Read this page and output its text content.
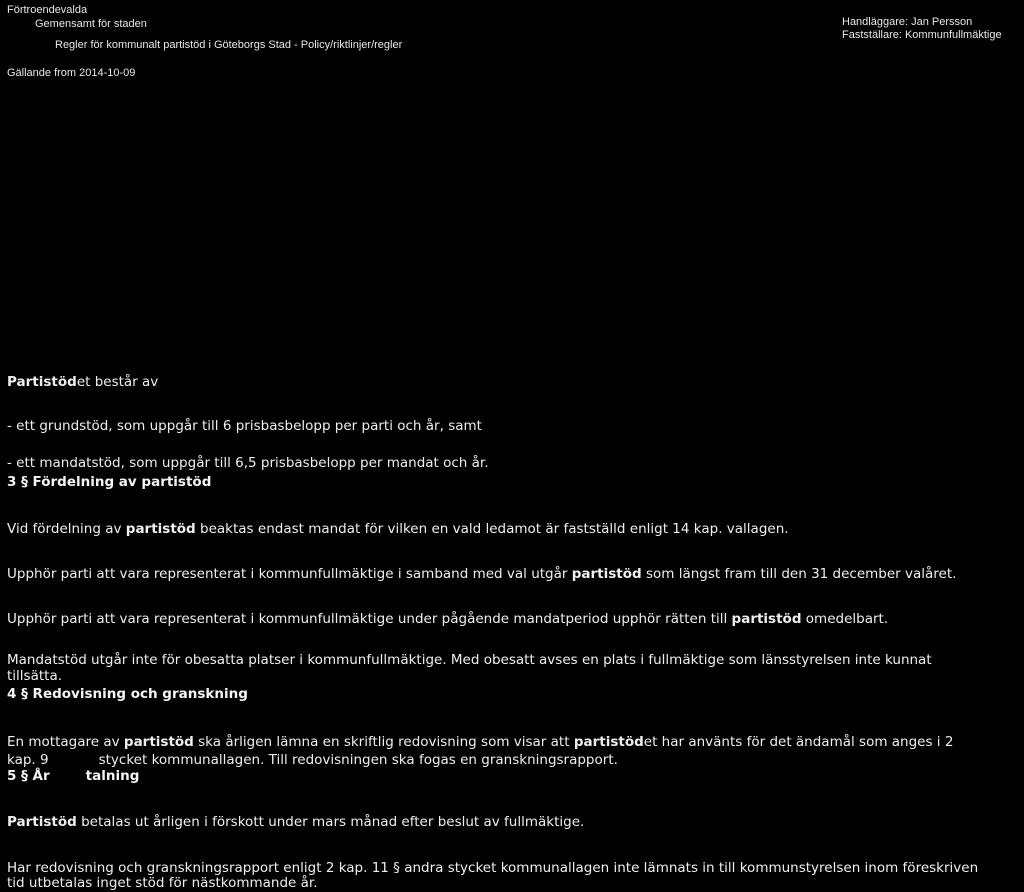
Förtroendevalda
Gemensamt för staden
Regler för kommunalt partistöd i Göteborgs Stad - Policy/riktlinjer/regler
Gällande from 2014-10-09
Handläggare: Jan Persson
Fastställare: Kommunfullmäktige
Partistödet består av
- ett grundstöd, som uppgår till 6 prisbasbelopp per parti och år, samt
- ett mandatstöd, som uppgår till 6,5 prisbasbelopp per mandat och år.
3 § Fördelning av partistöd
Vid fördelning av partistöd beaktas endast mandat för vilken en vald ledamot är fastställd enligt 14 kap. vallagen.
Upphör parti att vara representerat i kommunfullmäktige i samband med val utgår partistöd som längst fram till den 31 december valåret.
Upphör parti att vara representerat i kommunfullmäktige under pågående mandatperiod upphör rätten till partistöd omedelbart.
Mandatstöd utgår inte för obesatta platser i kommunfullmäktige. Med obesatt avses en plats i fullmäktige som länsstyrelsen inte kunnat
tillsätta.
4 § Redovisning och granskning
En mottagare av partistöd ska årligen lämna en skriftlig redovisning som visar att partistödet har använts för det ändamål som anges i 2
kap. 9	stycket kommunallagen. Till redovisningen ska fogas en granskningsrapport.
5 § År	talning
Partistöd betalas ut årligen i förskott under mars månad efter beslut av fullmäktige.
Har redovisning och granskningsrapport enligt 2 kap. 11 § andra stycket kommunallagen inte lämnats in till kommunstyrelsen inom föreskriven
tid utbetalas inget stöd för nästkommande år.
